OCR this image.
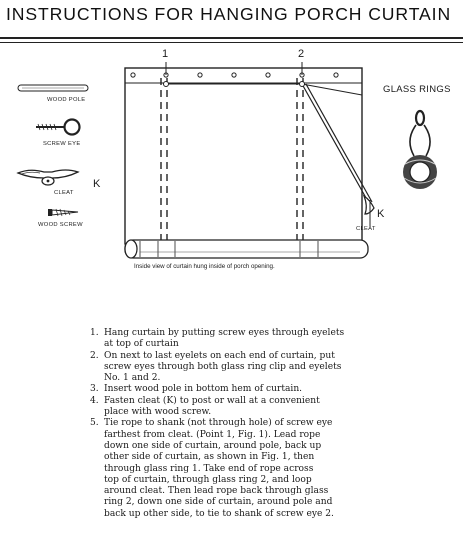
INSTRUCTIONS FOR HANGING PORCH CURTAIN
WOOD POLE
SCREW EYE
CLEAT
K
WOOD SCREW
1	2
K
CLEAT
GLASS RINGS
Inside view of curtain hung inside of porch opening.
1. Hang curtain by putting screw eyes through eyelets
at top of curtain
2. On next to last eyelets on each end of curtain, put
screw eyes through both glass ring clip and eyelets
No. 1 and 2.
3. Insert wood pole in bottom hem of curtain.
4. Fasten cleat (K) to post or wall at a convenient
place with wood screw.
5. Tie rope to shank (not through hole) of screw eye
farthest from cleat. (Point 1, Fig. 1). Lead rope
down one side of curtain, around pole, back up
other side of curtain, as shown in Fig. 1, then
through glass ring 1. Take end of rope across
top of curtain, through glass ring 2, and loop
around cleat. Then lead rope back through glass
ring 2, down one side of curtain, around pole and
back up other side, to tie to shank of screw eye 2.
